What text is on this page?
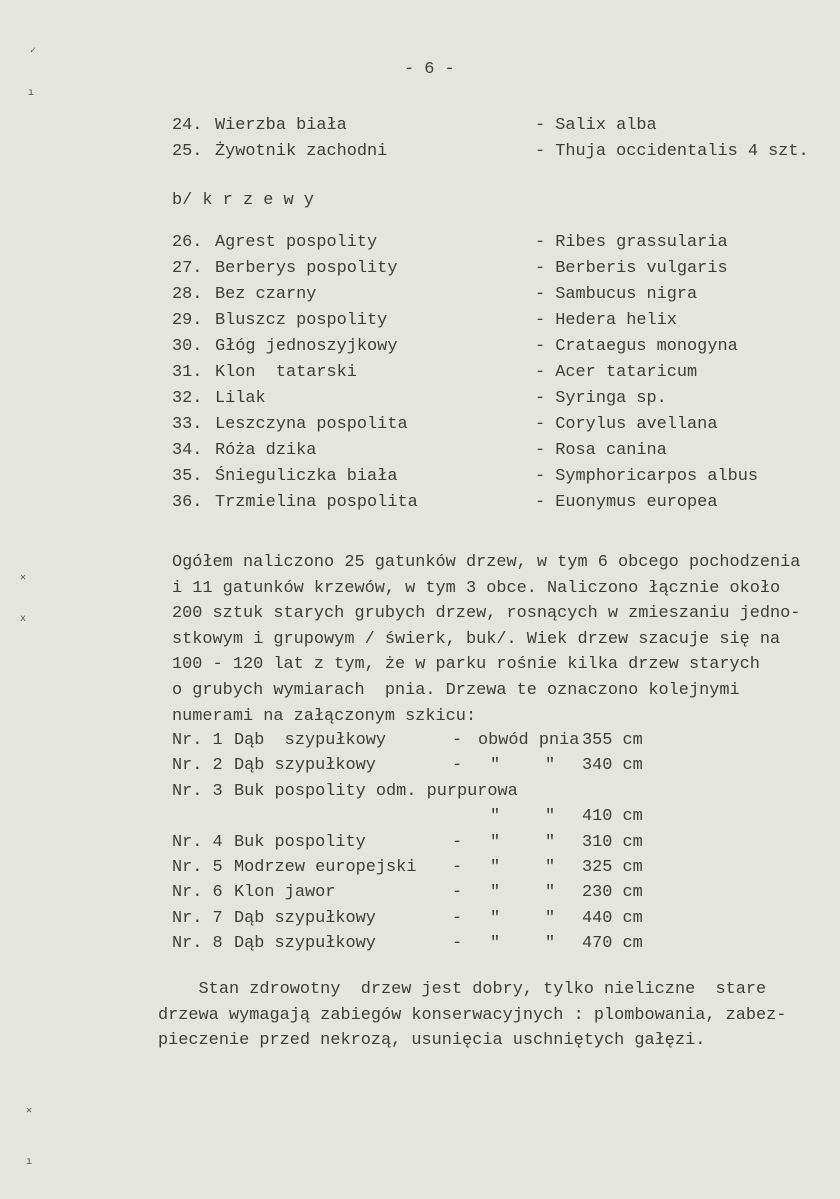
- 6 -
24. Wierzba biała	- Salix alba
25. Żywotnik zachodni	- Thuja occidentalis 4 szt.
26. Agrest pospolity	- Ribes grassularia
27. Berberys pospolity	- Berberis vulgaris
28. Bez czarny	- Sambucus nigra
29. Bluszcz pospolity	- Hedera helix
30. Głóg jednoszyjkowy	- Crataegus monogyna
31. Klon  tatarski	- Acer tataricum
32. Lilak	- Syringa sp.
33. Leszczyna pospolita	- Corylus avellana
34. Róża dzika	- Rosa canina
35. Śnieguliczka biała	- Symphoricarpos albus
36. Trzmielina pospolita	- Euonymus europea
b/ k r z e w y
Ogółem naliczono 25 gatunków drzew, w tym 6 obcego pochodzenia
i 11 gatunków krzewów, w tym 3 obce. Naliczono łącznie około
200 sztuk starych grubych drzew, rosnących w zmieszaniu jedno-
stkowym i grupowym / świerk, buk/. Wiek drzew szacuje się na
100 - 120 lat z tym, że w parku rośnie kilka drzew starych
o grubych wymiarach  pnia. Drzewa te oznaczono kolejnymi
numerami na załączonym szkicu:
Nr. 1 Dąb  szypułkowy	- obwód pnia 355 cm
Nr. 2 Dąb szypułkowy	- "	" 340 cm
Nr. 3 Buk pospolity odm. purpurowa
"	" 410 cm
Nr. 4 Buk pospolity	- "	" 310 cm
Nr. 5 Modrzew europejski - "	" 325 cm
Nr. 6 Klon jawor	- "	" 230 cm
Nr. 7 Dąb szypułkowy	- "	" 440 cm
Nr. 8 Dąb szypułkowy	- "	" 470 cm
Stan zdrowotny  drzew jest dobry, tylko nieliczne  stare
drzewa wymagają zabiegów konserwacyjnych : plombowania, zabez-
pieczenie przed nekrozą, usunięcia uschniętych gałęzi.
✓
ı
✕
x
✕
ı
